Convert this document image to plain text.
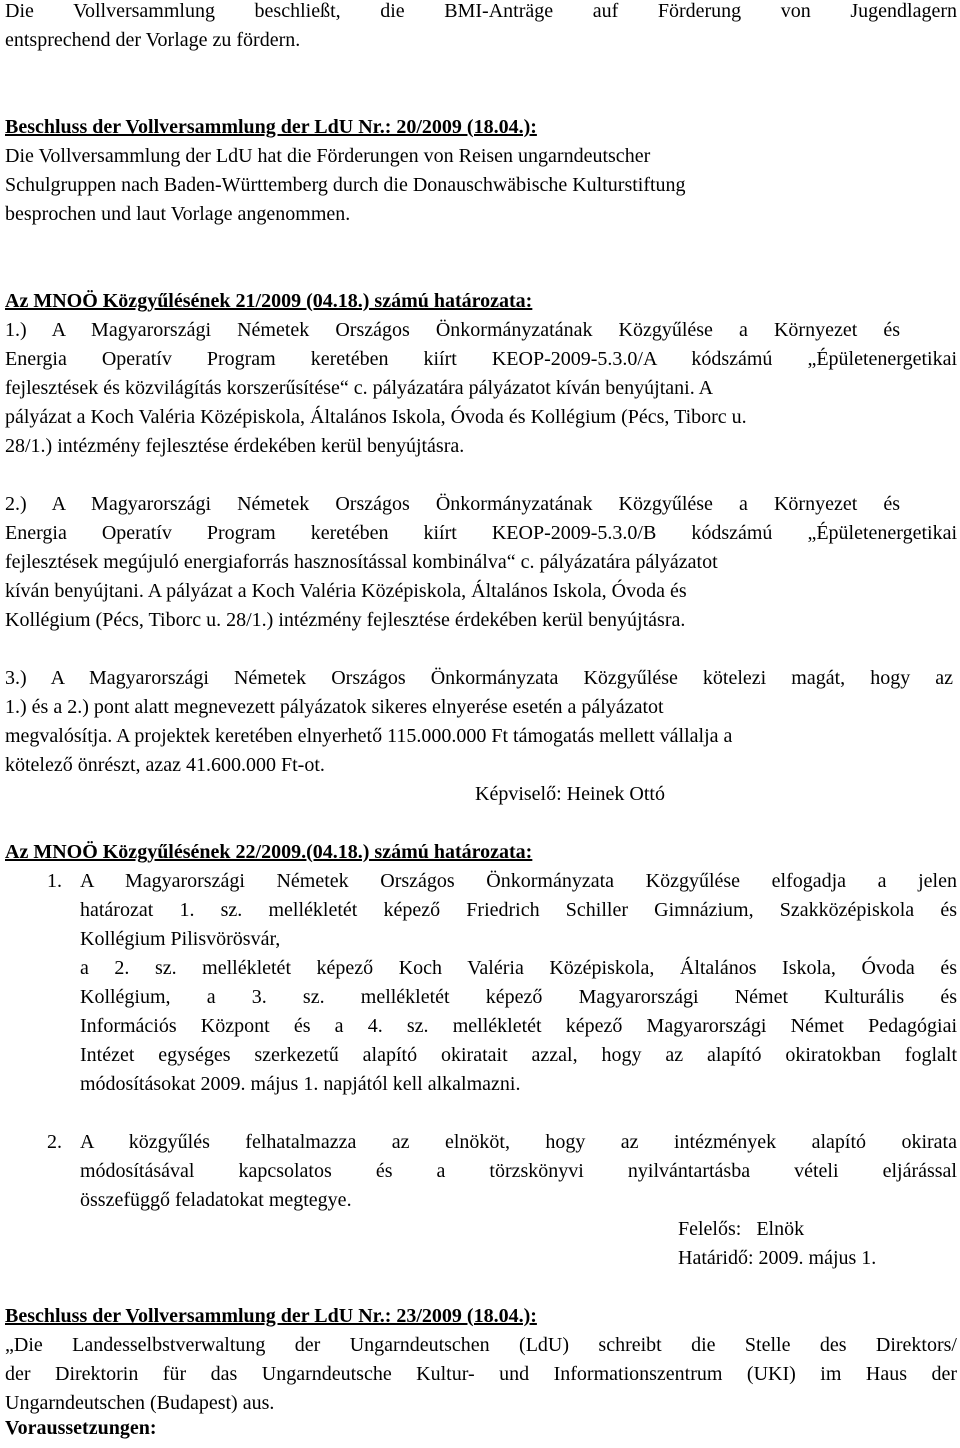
Die Vollversammlung beschließt, die BMI-Anträge auf Förderung von Jugendlagern
entsprechend der Vorlage zu fördern.
Beschluss der Vollversammlung der LdU Nr.: 20/2009 (18.04.):
Die Vollversammlung der LdU hat die Förderungen von Reisen ungarndeutscher
Schulgruppen nach Baden-Württemberg durch die Donauschwäbische Kulturstiftung
besprochen und laut Vorlage angenommen.
Az MNOÖ Közgyűlésének 21/2009 (04.18.) számú határozata:
1.) A Magyarországi Németek Országos Önkormányzatának Közgyűlése a Környezet és
Energia Operatív Program keretében kiírt KEOP-2009-5.3.0/A kódszámú „Épületenergetikai
fejlesztések és közvilágítás korszerűsítése“ c. pályázatára pályázatot kíván benyújtani. A
pályázat a Koch Valéria Középiskola, Általános Iskola, Óvoda és Kollégium (Pécs, Tiborc u.
28/1.) intézmény fejlesztése érdekében kerül benyújtásra.
2.) A Magyarországi Németek Országos Önkormányzatának Közgyűlése a Környezet és
Energia Operatív Program keretében kiírt KEOP-2009-5.3.0/B kódszámú „Épületenergetikai
fejlesztések megújuló energiaforrás hasznosítással kombinálva“ c. pályázatára pályázatot
kíván benyújtani. A pályázat a Koch Valéria Középiskola, Általános Iskola, Óvoda és
Kollégium (Pécs, Tiborc u. 28/1.) intézmény fejlesztése érdekében kerül benyújtásra.
3.) A Magyarországi Németek Országos Önkormányzata Közgyűlése kötelezi magát, hogy az
1.) és a 2.) pont alatt megnevezett pályázatok sikeres elnyerése esetén a pályázatot
megvalósítja. A projektek keretében elnyerhető 115.000.000 Ft támogatás mellett vállalja a
kötelező önrészt, azaz 41.600.000 Ft-ot.
Képviselő: Heinek Ottó
Az MNOÖ Közgyűlésének 22/2009.(04.18.) számú határozata:
1. A Magyarországi Németek Országos Önkormányzata Közgyűlése elfogadja a jelen
határozat 1. sz. mellékletét képező Friedrich Schiller Gimnázium, Szakközépiskola és
Kollégium Pilisvörösvár,
a 2. sz. mellékletét képező Koch Valéria Középiskola, Általános Iskola, Óvoda és
Kollégium, a 3. sz. mellékletét képező Magyarországi Német Kulturális és
Információs Központ és a 4. sz. mellékletét képező Magyarországi Német Pedagógiai
Intézet egységes szerkezetű alapító okiratait azzal, hogy az alapító okiratokban foglalt
módosításokat 2009. május 1. napjától kell alkalmazni.
2. A közgyűlés felhatalmazza az elnököt, hogy az intézmények alapító okirata
módosításával kapcsolatos és a törzskönyvi nyilvántartásba vételi eljárással
összefüggő feladatokat megtegye.
Felelős:   Elnök
Határidő: 2009. május 1.
Beschluss der Vollversammlung der LdU Nr.: 23/2009 (18.04.):
„Die Landesselbstverwaltung der Ungarndeutschen (LdU) schreibt die Stelle des Direktors/
der Direktorin für das Ungarndeutsche Kultur- und Informationszentrum (UKI) im Haus der
Ungarndeutschen (Budapest) aus.
Voraussetzungen:
